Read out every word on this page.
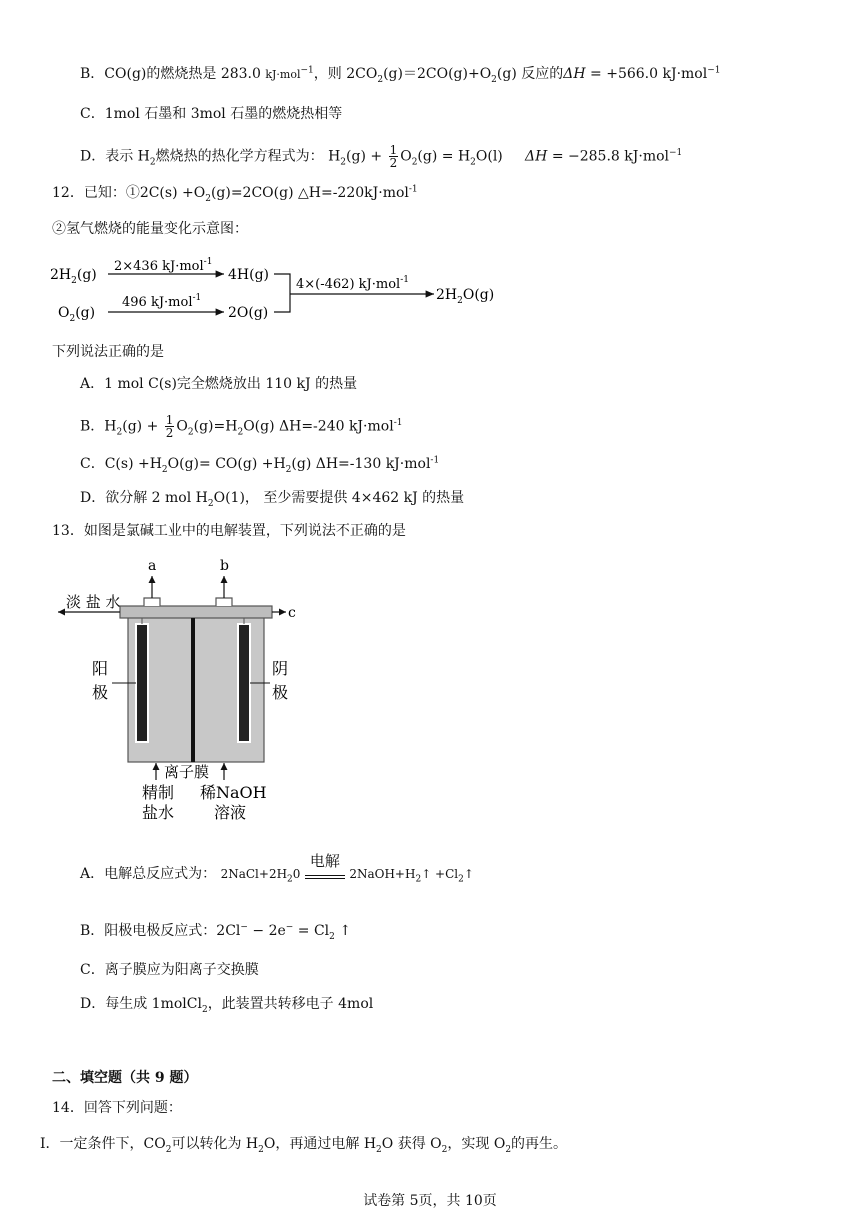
B．CO(g)的燃烧热是 283.0 kJ·mol$^{-1}$，则 $2CO_2(g)=2CO(g)+O_2(g)$ 反应的ΔH = +566.0 kJ·mol$^{-1}$
C．1mol 石墨和 3mol 石墨的燃烧热相等
D．表示 $H_2$燃烧热的热化学方程式为： $H_2(g) + \frac{1}{2} O_2(g) = H_2O(l) \Delta H = -285.8$ kJ·mol$^{-1}$
12．已知：①2C(s) $+O_2(g)=2CO(g)$ △H=-220kJ·mol$^{-1}$
②氢气燃烧的能量变化示意图：
$2H_2(g)$
2×436 kJ·mol$^{-1}$
4H(g)
$O_2(g)$
496 kJ·mol$^{-1}$
2O(g)
4×(-462) kJ·mol$^{-1}$
$2H_2O(g)$
下列说法正确的是
A．1 mol C(s)完全燃烧放出 110 kJ 的热量
B．$H_2(g) + \frac{1}{2} O_2(g)=H_2O(g)$ ΔH=-240 kJ·mol$^{-1}$
C．$C(s) +H_2O(g)= CO(g) +H_2(g)$ ΔH=-130 kJ·mol$^{-1}$
D．欲分解 2 mol $H_2O(1)$， 至少需要提供 4×462 kJ 的热量
13．如图是氯碱工业中的电解装置，下列说法不正确的是
a	b
淡 盐 水
c
阳
极
阴
极
离子膜
精制
盐水
稀NaOH
溶液
A．电解总反应式为： $2NaCl+2H_20$
电解
$2NaOH+H_2↑$ $+Cl_2↑$
B．阳极电极反应式：$2Cl^- - 2e^- = Cl_2$ ↑
C．离子膜应为阳离子交换膜
D．每生成 1molCl$_2$，此装置共转移电子 4mol
二、填空题（共 9 题）
14．回答下列问题：
Ⅰ．一定条件下，$CO_2$可以转化为 $H_2O$，再通过电解 $H_2O$ 获得 $O_2$，实现 $O_2$的再生。
试卷第 5页，共 10页
